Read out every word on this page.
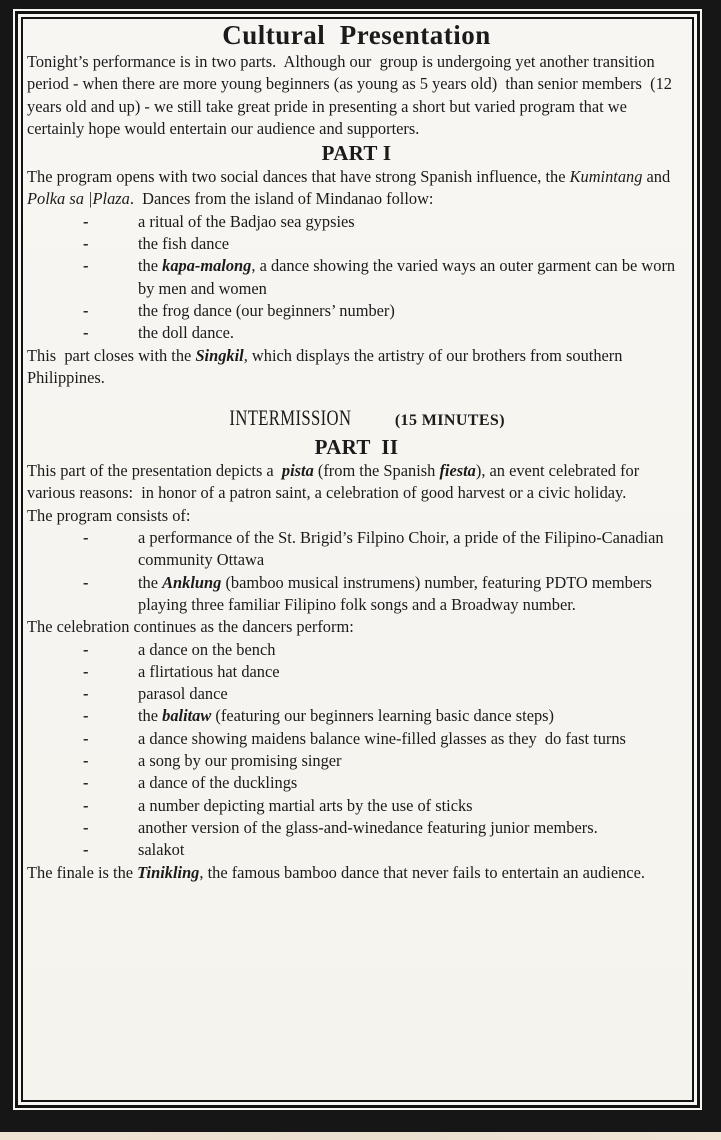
Cultural  Presentation

Tonight’s performance is in two parts.  Although our  group is undergoing yet another transition period - when there are more young beginners (as young as 5 years old)  than senior members  (12 years old and up) - we still take great pride in presenting a short but varied program that we certainly hope would entertain our audience and supporters.

PART I

The program opens with two social dances that have strong Spanish influence, the Kumintang and Polka sa |Plaza.  Dances from the island of Mindanao follow:

-	a ritual of the Badjao sea gypsies
-	the fish dance
-	the kapa-malong, a dance showing the varied ways an outer garment can be worn by men and women
-	the frog dance (our beginners’ number)
-	the doll dance.

This  part closes with the Singkil, which displays the artistry of our brothers from southern Philippines.

INTERMISSION	(15 MINUTES)

PART  II

This part of the presentation depicts a  pista (from the Spanish fiesta), an event celebrated for various reasons:  in honor of a patron saint, a celebration of good harvest or a civic holiday.

The program consists of:

-	a performance of the St. Brigid’s Filpino Choir, a pride of the Filipino-Canadian community Ottawa
-	the Anklung (bamboo musical instrumens) number, featuring PDTO members playing three familiar Filipino folk songs and a Broadway number.

The celebration continues as the dancers perform:

-	a dance on the bench
-	a flirtatious hat dance
-	parasol dance
-	the balitaw (featuring our beginners learning basic dance steps)
-	a dance showing maidens balance wine-filled glasses as they  do fast turns
-	a song by our promising singer
-	a dance of the ducklings
-	a number depicting martial arts by the use of sticks
-	another version of the glass-and-winedance featuring junior members.
-	salakot

The finale is the Tinikling, the famous bamboo dance that never fails to entertain an audience.
